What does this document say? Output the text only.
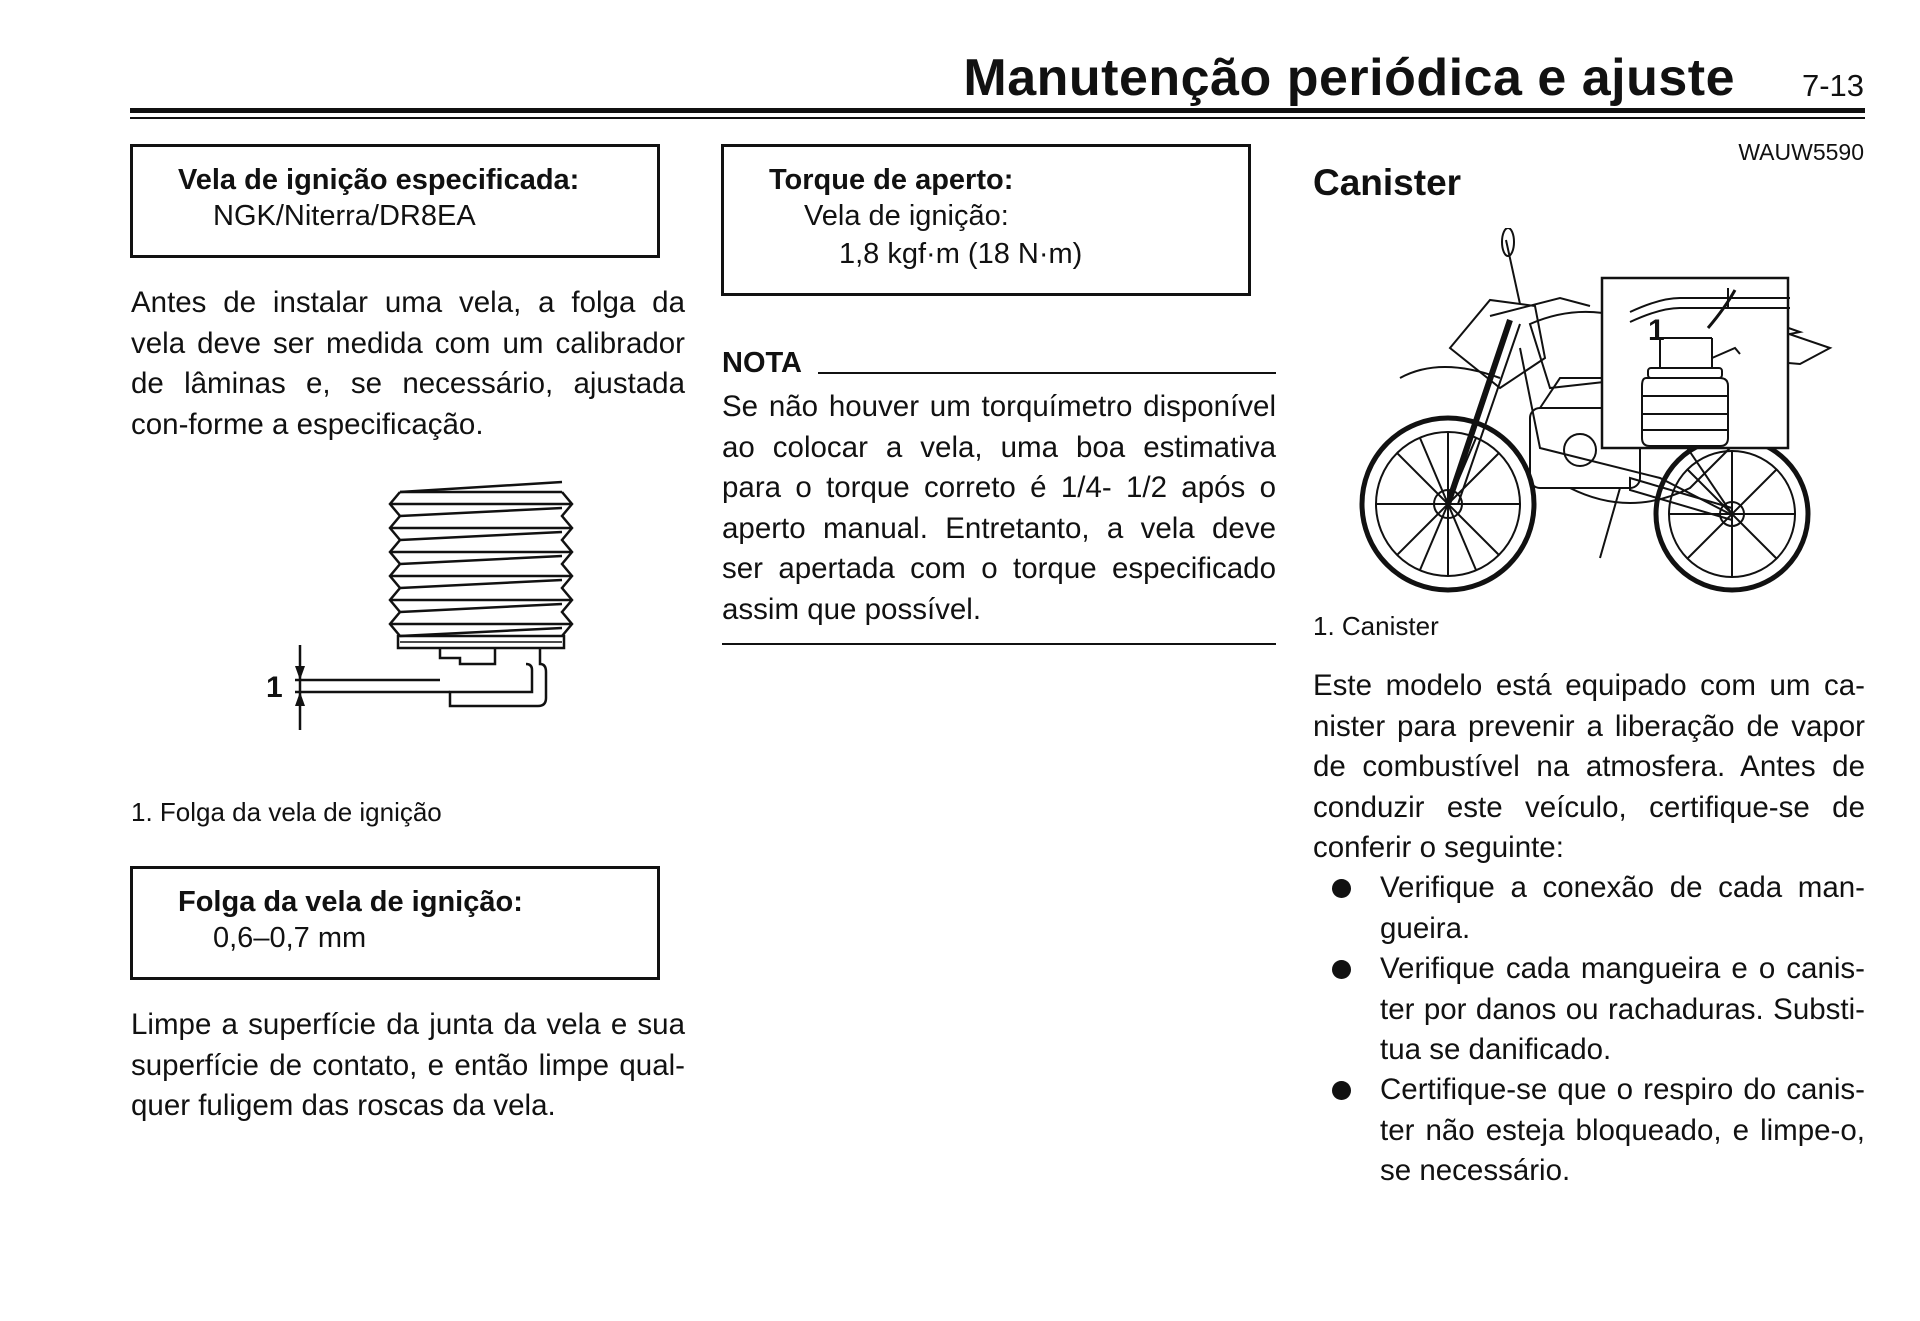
Manutenção periódica e ajuste 7-13
WAUW5590
Vela de ignição especificada:
NGK/Niterra/DR8EA
Antes de instalar uma vela, a folga da vela deve ser medida com um calibrador de lâminas e, se necessário, ajustada con-forme a especificação.
1
1. Folga da vela de ignição
Folga da vela de ignição:
0,6–0,7 mm
Limpe a superfície da junta da vela e sua superfície de contato, e então limpe qual-quer fuligem das roscas da vela.
Torque de aperto:
Vela de ignição:
1,8 kgf·m (18 N·m)
NOTA
Se não houver um torquímetro disponível ao colocar a vela, uma boa estimativa para o torque correto é 1/4- 1/2 após o aperto manual. Entretanto, a vela deve ser apertada com o torque especificado assim que possível.
Canister
1
1. Canister
Este modelo está equipado com um ca-nister para prevenir a liberação de vapor de combustível na atmosfera. Antes de conduzir este veículo, certifique-se de conferir o seguinte:
Verifique a conexão de cada man-gueira.
Verifique cada mangueira e o canis-ter por danos ou rachaduras. Substi-tua se danificado.
Certifique-se que o respiro do canis-ter não esteja bloqueado, e limpe-o, se necessário.
